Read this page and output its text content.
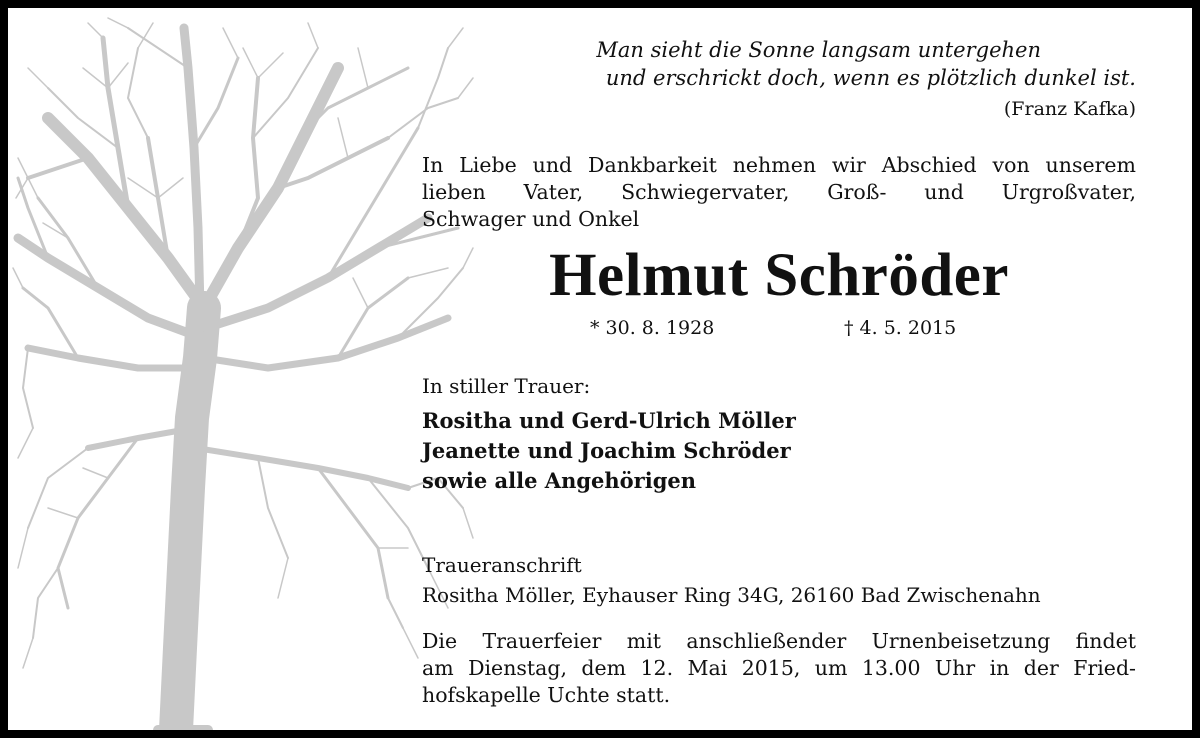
Man sieht die Sonne langsam untergehen
und erschrickt doch, wenn es plötzlich dunkel ist.
(Franz Kafka)
In Liebe und Dankbarkeit nehmen wir Abschied von unserem
lieben Vater, Schwiegervater, Groß- und Urgroßvater,
Schwager und Onkel
Helmut Schröder
* 30. 8. 1928	† 4. 5. 2015
In stiller Trauer:
Rositha und Gerd-Ulrich Möller
Jeanette und Joachim Schröder
sowie alle Angehörigen
Traueranschrift
Rositha Möller, Eyhauser Ring 34G, 26160 Bad Zwischenahn
Die Trauerfeier mit anschließender Urnenbeisetzung findet
am Dienstag, dem 12. Mai 2015, um 13.00 Uhr in der Fried-
hofskapelle Uchte statt.
